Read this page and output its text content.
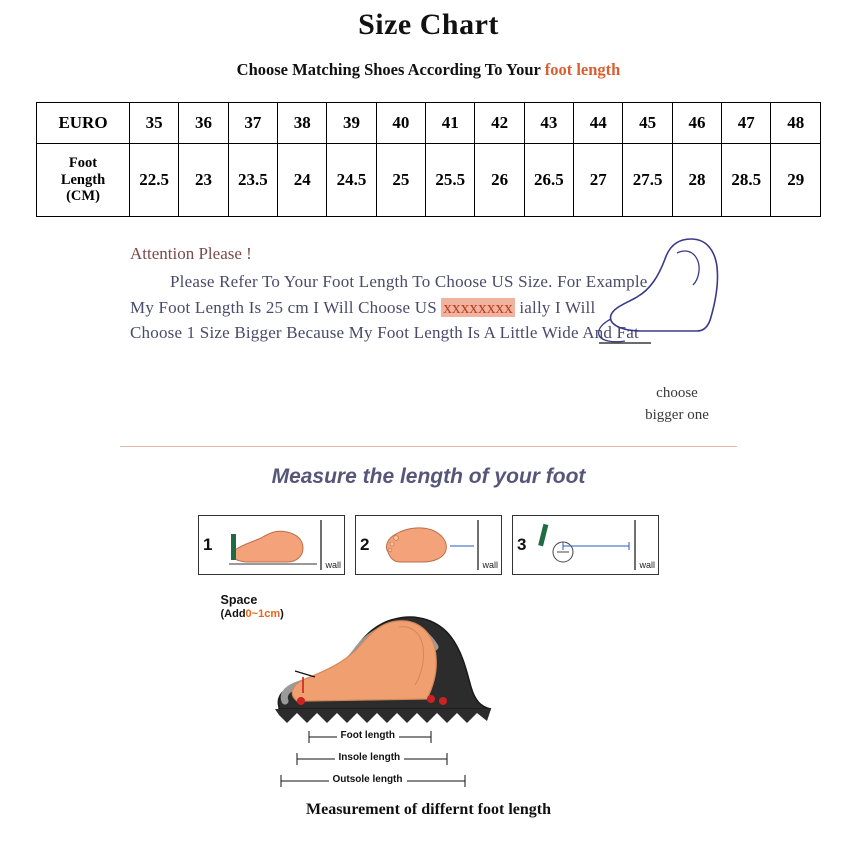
Size Chart
Choose Matching Shoes According To Your foot length
EURO	35	36	37	38	39	40	41	42	43	44	45	46	47	48

Foot
Length
(CM)	22.5	23	23.5	24	24.5	25	25.5	26	26.5	27	27.5	28	28.5	29
Attention Please !
Please Refer To Your Foot Length To Choose US Size. For Example My Foot Length Is 25 cm I Will Choose US xxxxxxxx ially I Will Choose 1 Size Bigger Because My Foot Length Is A Little Wide And Fat
choose
bigger one
Measure the length of your foot
1
wall
2
wall
3
wall
Space
(Add0~1cm)
Foot length
Insole length
Outsole length
Measurement of differnt foot length
